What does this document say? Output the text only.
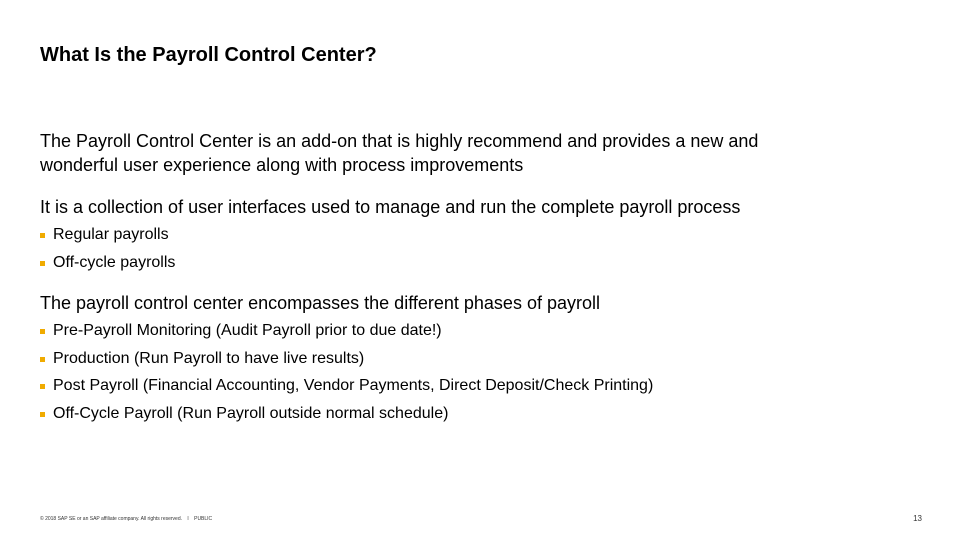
What Is the Payroll Control Center?
The Payroll Control Center is an add-on that is highly recommend and provides a new and
wonderful user experience along with process improvements
It is a collection of user interfaces used to manage and run the complete payroll process
Regular payrolls
Off-cycle payrolls
The payroll control center encompasses the different phases of payroll
Pre-Payroll Monitoring (Audit Payroll prior to due date!)
Production (Run Payroll to have live results)
Post Payroll (Financial Accounting, Vendor Payments, Direct Deposit/Check Printing)
Off-Cycle Payroll (Run Payroll outside normal schedule)
© 2018 SAP SE or an SAP affiliate company. All rights reserved. ǀ PUBLIC	13
